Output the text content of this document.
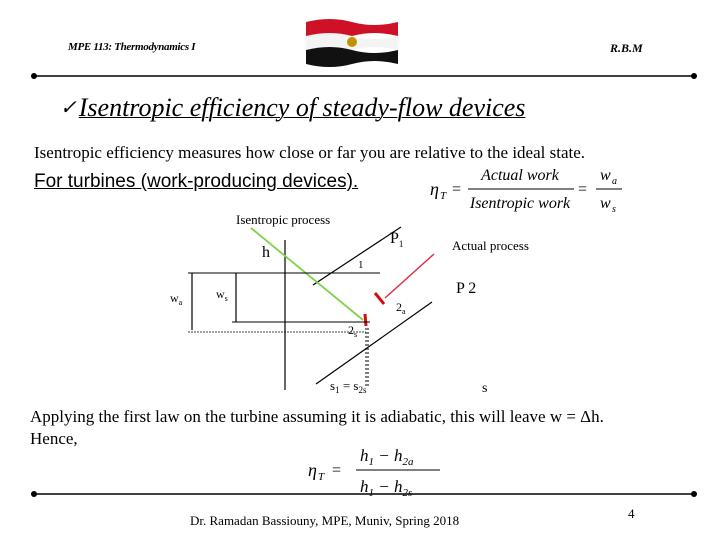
MPE 113: Thermodynamics I	R.B.M
✓Isentropic efficiency of steady-flow devices
Isentropic efficiency measures how close or far you are relative to the ideal state.
For turbines (work-producing devices).	η T =
Actual work
Isentropic work
=
w a
w s
h
Isentropic process
Actual process
$P_1$
1
P 2
$2_a$
$2_s$
$w_a$
$w_s$
$s_1 = s_{2s}$	s
Applying the first law on the turbine assuming it is adiabatic, this will leave w = Δh. Hence,
η T =
$h_1 - h_{2a}$
$h_1 - h_{2s}$
Dr. Ramadan Bassiouny, MPE, Muniv, Spring 2018	4
